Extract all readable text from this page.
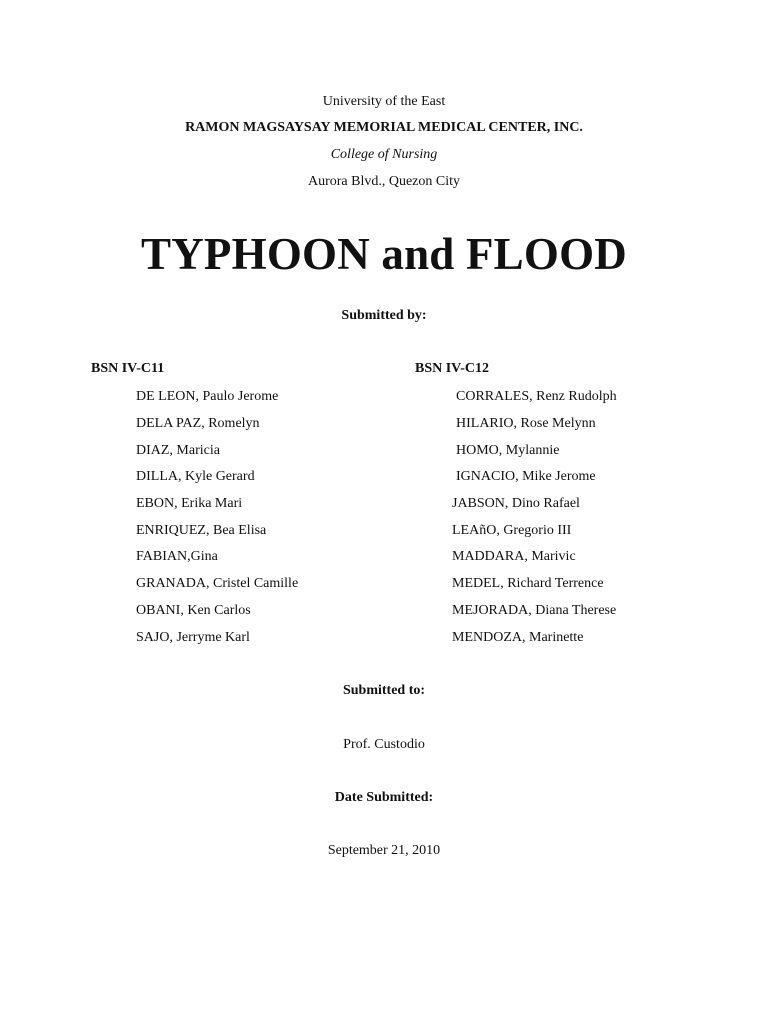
University of the East
RAMON MAGSAYSAY MEMORIAL MEDICAL CENTER, INC.
College of Nursing
Aurora Blvd., Quezon City
TYPHOON and FLOOD
Submitted by:
BSN IV-C11
DE LEON, Paulo Jerome
DELA PAZ, Romelyn
DIAZ, Maricia
DILLA, Kyle Gerard
EBON, Erika Mari
ENRIQUEZ, Bea Elisa
FABIAN,Gina
GRANADA, Cristel Camille
OBANI, Ken Carlos
SAJO, Jerryme Karl
BSN IV-C12
CORRALES, Renz Rudolph
HILARIO, Rose Melynn
HOMO, Mylannie
IGNACIO, Mike Jerome
JABSON, Dino Rafael
LEAñO, Gregorio III
MADDARA, Marivic
MEDEL, Richard Terrence
MEJORADA, Diana Therese
MENDOZA, Marinette
Submitted to:
Prof. Custodio
Date Submitted:
September 21, 2010
